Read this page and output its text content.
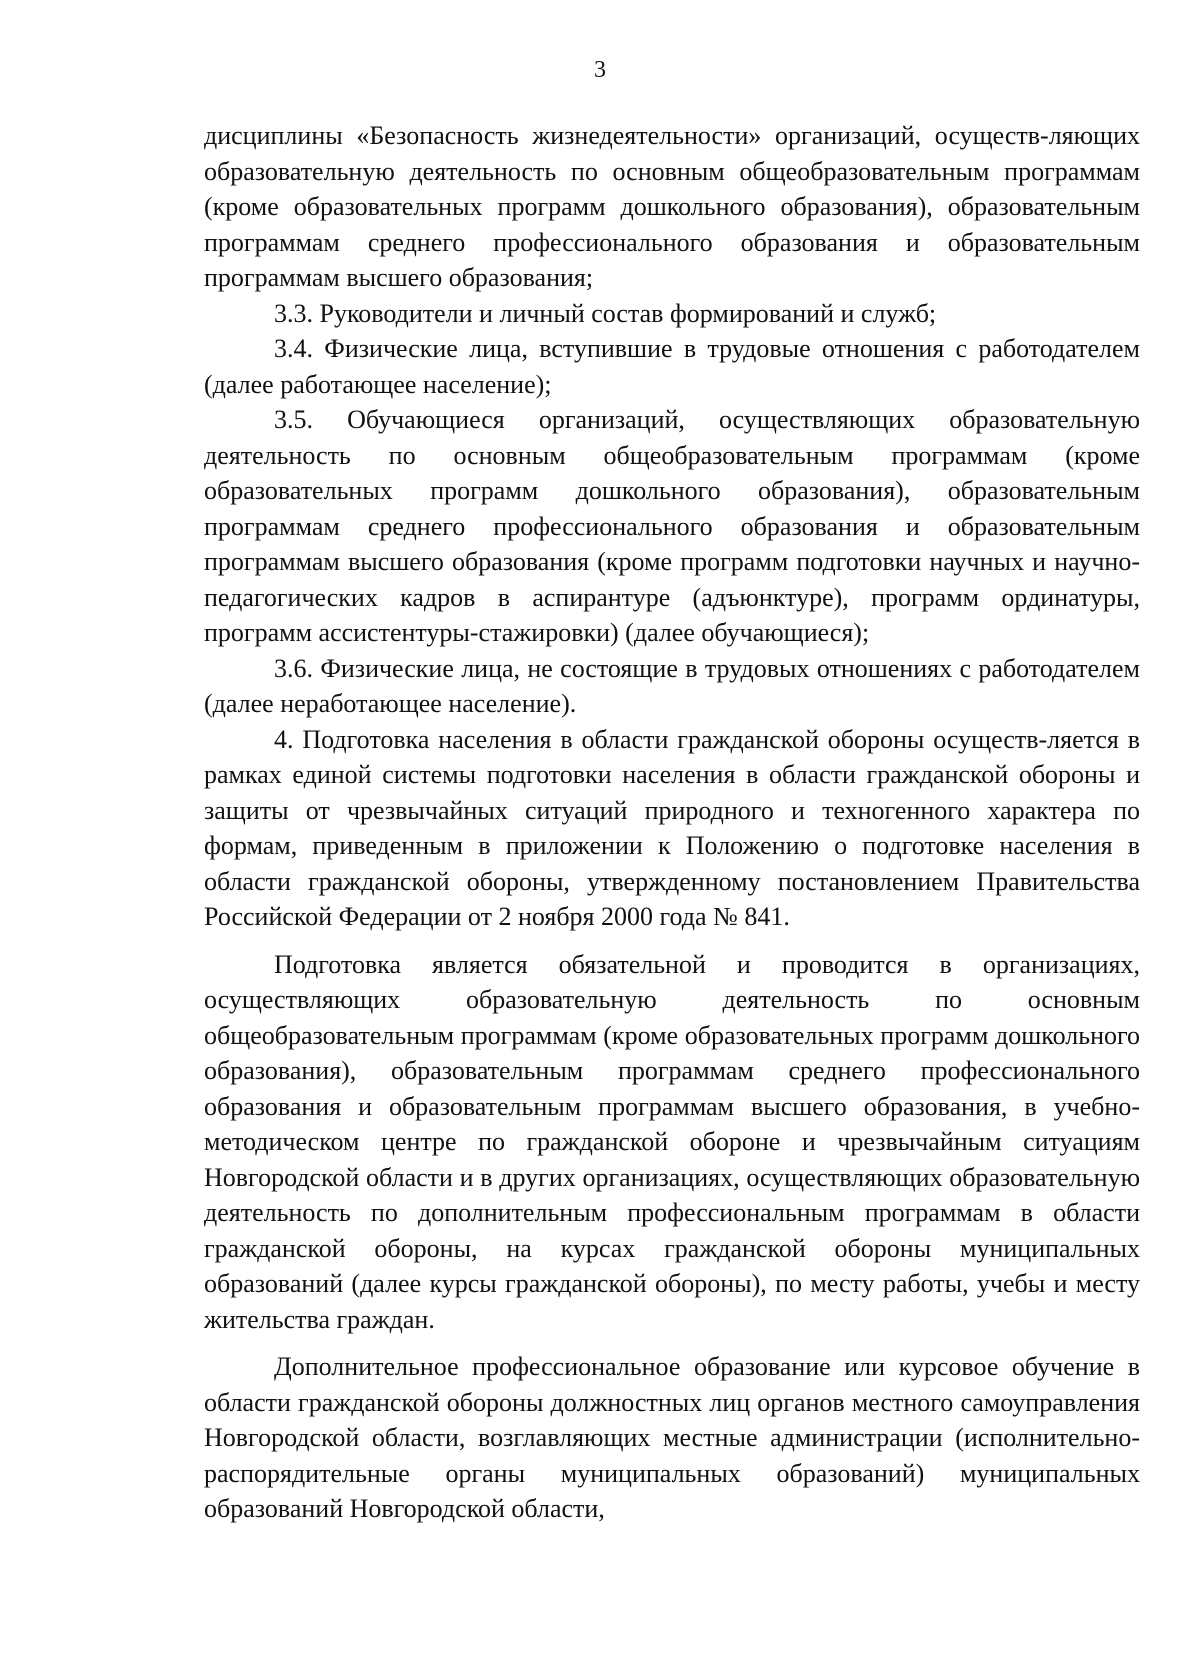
3

дисциплины «Безопасность жизнедеятельности» организаций, осуществ-ляющих образовательную деятельность по основным общеобразовательным программам (кроме образовательных программ дошкольного образования), образовательным программам среднего профессионального образования и образовательным программам высшего образования;

3.3. Руководители и личный состав формирований и служб;

3.4. Физические лица, вступившие в трудовые отношения с работодателем (далее работающее население);

3.5. Обучающиеся организаций, осуществляющих образовательную деятельность по основным общеобразовательным программам (кроме образовательных программ дошкольного образования), образовательным программам среднего профессионального образования и образовательным программам высшего образования (кроме программ подготовки научных и научно-педагогических кадров в аспирантуре (адъюнктуре), программ ординатуры, программ ассистентуры-стажировки) (далее обучающиеся);

3.6. Физические лица, не состоящие в трудовых отношениях с работодателем (далее неработающее население).

4. Подготовка населения в области гражданской обороны осуществ-ляется в рамках единой системы подготовки населения в области гражданской обороны и защиты от чрезвычайных ситуаций природного и техногенного характера по формам, приведенным в приложении к Положению о подготовке населения в области гражданской обороны, утвержденному постановлением Правительства Российской Федерации от 2 ноября 2000 года № 841.

Подготовка является обязательной и проводится в организациях, осуществляющих образовательную деятельность по основным общеобразовательным программам (кроме образовательных программ дошкольного образования), образовательным программам среднего профессионального образования и образовательным программам высшего образования, в учебно-методическом центре по гражданской обороне и чрезвычайным ситуациям Новгородской области и в других организациях, осуществляющих образовательную деятельность по дополнительным профессиональным программам в области гражданской обороны, на курсах гражданской обороны муниципальных образований (далее курсы гражданской обороны), по месту работы, учебы и месту жительства граждан.

Дополнительное профессиональное образование или курсовое обучение в области гражданской обороны должностных лиц органов местного самоуправления Новгородской области, возглавляющих местные администрации (исполнительно-распорядительные органы муниципальных образований) муниципальных образований Новгородской области,
